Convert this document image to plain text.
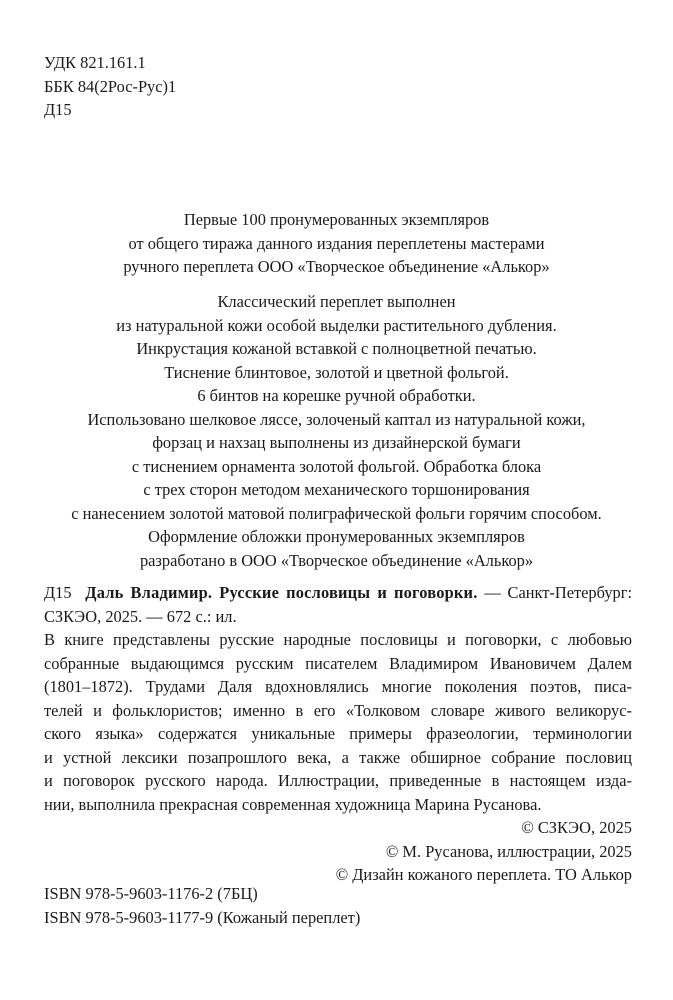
УДК 821.161.1
ББК 84(2Рос-Рус)1
Д15
Первые 100 пронумерованных экземпляров
от общего тиража данного издания переплетены мастерами
ручного переплета ООО «Творческое объединение «Алькор»
Классический переплет выполнен
из натуральной кожи особой выделки растительного дубления.
Инкрустация кожаной вставкой с полноцветной печатью.
Тиснение блинтовое, золотой и цветной фольгой.
6 бинтов на корешке ручной обработки.
Использовано шелковое ляссе, золоченый каптал из натуральной кожи,
форзац и нахзац выполнены из дизайнерской бумаги
с тиснением орнамента золотой фольгой. Обработка блока
с трех сторон методом механического торшонирования
с нанесением золотой матовой полиграфической фольги горячим способом.
Оформление обложки пронумерованных экземпляров
разработано в ООО «Творческое объединение «Алькор»
Д15 Даль Владимир. Русские пословицы и поговорки. — Санкт-Петербург:
СЗКЭО, 2025. — 672 с.: ил.
В книге представлены русские народные пословицы и поговорки, с любовью
собранные выдающимся русским писателем Владимиром Ивановичем Далем
(1801–1872). Трудами Даля вдохновлялись многие поколения поэтов, писа-
телей и фольклористов; именно в его «Толковом словаре живого великорус-
ского языка» содержатся уникальные примеры фразеологии, терминологии
и устной лексики позапрошлого века, а также обширное собрание пословиц
и поговорок русского народа. Иллюстрации, приведенные в настоящем изда-
нии, выполнила прекрасная современная художница Марина Русанова.
© СЗКЭО, 2025
© М. Русанова, иллюстрации, 2025
© Дизайн кожаного переплета. ТО Алькор
ISBN 978-5-9603-1176-2 (7БЦ)
ISBN 978-5-9603-1177-9 (Кожаный переплет)
